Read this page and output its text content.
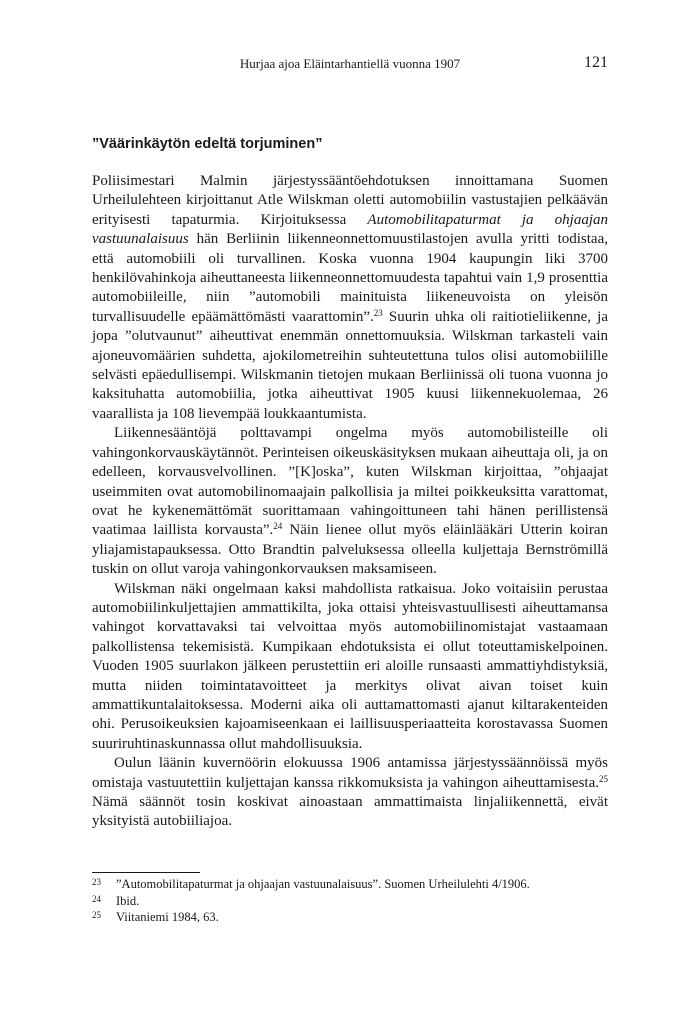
Hurjaa ajoa Eläintarhantiellä vuonna 1907	121
”Väärinkäytön edeltä torjuminen”

Poliisimestari Malmin järjestyssääntöehdotuksen innoittamana Suomen Urheilulehteen kirjoittanut Atle Wilskman oletti automobiilin vastustajien pelkäävän erityisesti tapaturmia. Kirjoituksessa Automobilitapaturmat ja ohjaajan vastuunalaisuus hän Berliinin liikenneonnettomuustilastojen avulla yritti todistaa, että automobiili oli turvallinen. Koska vuonna 1904 kaupungin liki 3700 henkilövahinkoja aiheuttaneesta liikenneonnettomuudesta tapahtui vain 1,9 prosenttia automobiileille, niin ”automobili mainituista liikeneuvoista on yleisön turvallisuudelle epäämättömästi vaarattomin”.$^{23}$ Suurin uhka oli raitiotieliikenne, ja jopa ”olutvaunut” aiheuttivat enemmän onnettomuuksia. Wilskman tarkasteli vain ajoneuvomäärien suhdetta, ajokilometreihin suhteutettuna tulos olisi automobiilille selvästi epäedullisempi. Wilskmanin tietojen mukaan Berliinissä oli tuona vuonna jo kaksituhatta automobiilia, jotka aiheuttivat 1905 kuusi liikennekuolemaa, 26 vaarallista ja 108 lievempää loukkaantumista.

Liikennesääntöjä polttavampi ongelma myös automobilisteille oli vahingonkorvauskäytännöt. Perinteisen oikeuskäsityksen mukaan aiheuttaja oli, ja on edelleen, korvausvelvollinen. ”[K]oska”, kuten Wilskman kirjoittaa, ”ohjaajat useimmiten ovat automobilinomaajain palkollisia ja miltei poikkeuksitta varattomat, ovat he kykenemättömät suorittamaan vahingoittuneen tahi hänen perillistensä vaatimaa laillista korvausta”.$^{24}$ Näin lienee ollut myös eläinlääkäri Utterin koiran yliajamistapauksessa. Otto Brandtin palveluksessa olleella kuljettaja Bernströmillä tuskin on ollut varoja vahingonkorvauksen maksamiseen.

Wilskman näki ongelmaan kaksi mahdollista ratkaisua. Joko voitaisiin perustaa automobiilinkuljettajien ammattikilta, joka ottaisi yhteisvastuullisesti aiheuttamansa vahingot korvattavaksi tai velvoittaa myös automobiilinomistajat vastaamaan palkollistensa tekemisistä. Kumpikaan ehdotuksista ei ollut toteuttamiskelpoinen. Vuoden 1905 suurlakon jälkeen perustettiin eri aloille runsaasti ammattiyhdistyksiä, mutta niiden toimintatavoitteet ja merkitys olivat aivan toiset kuin ammattikuntalaitoksessa. Moderni aika oli auttamattomasti ajanut kiltarakenteiden ohi. Perusoikeuksien kajoamiseenkaan ei laillisuusperiaatteita korostavassa Suomen suuriruhtinaskunnassa ollut mahdollisuuksia.

Oulun läänin kuvernöörin elokuussa 1906 antamissa järjestyssäännöissä myös omistaja vastuutettiin kuljettajan kanssa rikkomuksista ja vahingon aiheuttamisesta.$^{25}$ Nämä säännöt tosin koskivat ainoastaan ammattimaista linjaliikennettä, eivät yksityistä autobiiliajoa.

23 ”Automobilitapaturmat ja ohjaajan vastuunalaisuus”. Suomen Urheilulehti 4/1906.

24 Ibid.

25 Viitaniemi 1984, 63.
